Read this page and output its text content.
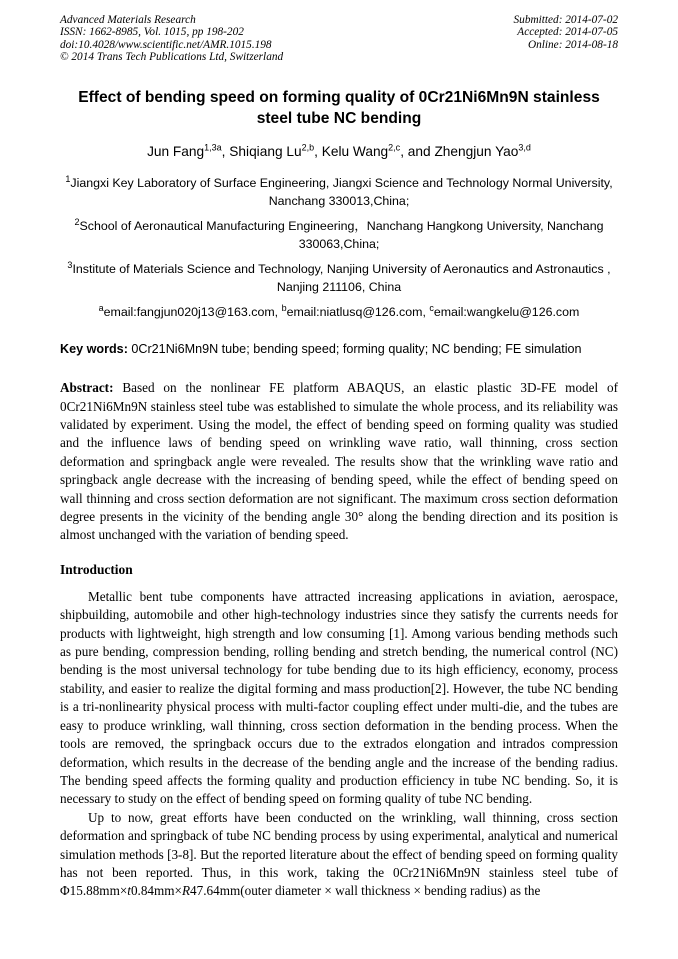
Advanced Materials Research
ISSN: 1662-8985, Vol. 1015, pp 198-202
doi:10.4028/www.scientific.net/AMR.1015.198
© 2014 Trans Tech Publications Ltd, Switzerland
Submitted: 2014-07-02
Accepted: 2014-07-05
Online: 2014-08-18
Effect of bending speed on forming quality of 0Cr21Ni6Mn9N stainless steel tube NC bending
Jun Fang$^{1,3a}$, Shiqiang Lu$^{2,b}$, Kelu Wang$^{2,c}$, and Zhengjun Yao$^{3,d}$
$^1$Jiangxi Key Laboratory of Surface Engineering, Jiangxi Science and Technology Normal University, Nanchang 330013,China;
$^2$School of Aeronautical Manufacturing Engineering，Nanchang Hangkong University, Nanchang 330063,China;
$^3$Institute of Materials Science and Technology, Nanjing University of Aeronautics and Astronautics , Nanjing 211106, China
$^a$email:fangjun020j13@163.com, $^b$email:niatlusq@126.com, $^c$email:wangkelu@126.com

Key words: 0Cr21Ni6Mn9N tube; bending speed; forming quality; NC bending; FE simulation

Abstract: Based on the nonlinear FE platform ABAQUS, an elastic plastic 3D-FE model of 0Cr21Ni6Mn9N stainless steel tube was established to simulate the whole process, and its reliability was validated by experiment. Using the model, the effect of bending speed on forming quality was studied and the influence laws of bending speed on wrinkling wave ratio, wall thinning, cross section deformation and springback angle were revealed. The results show that the wrinkling wave ratio and springback angle decrease with the increasing of bending speed, while the effect of bending speed on wall thinning and cross section deformation are not significant. The maximum cross section deformation degree presents in the vicinity of the bending angle 30° along the bending direction and its position is almost unchanged with the variation of bending speed.

Introduction

Metallic bent tube components have attracted increasing applications in aviation, aerospace, shipbuilding, automobile and other high-technology industries since they satisfy the currents needs for products with lightweight, high strength and low consuming [1]. Among various bending methods such as pure bending, compression bending, rolling bending and stretch bending, the numerical control (NC) bending is the most universal technology for tube bending due to its high efficiency, economy, process stability, and easier to realize the digital forming and mass production[2]. However, the tube NC bending is a tri-nonlinearity physical process with multi-factor coupling effect under multi-die, and the tubes are easy to produce wrinkling, wall thinning, cross section deformation in the bending process. When the tools are removed, the springback occurs due to the extrados elongation and intrados compression deformation, which results in the decrease of the bending angle and the increase of the bending radius. The bending speed affects the forming quality and production efficiency in tube NC bending. So, it is necessary to study on the effect of bending speed on forming quality of tube NC bending.

Up to now, great efforts have been conducted on the wrinkling, wall thinning, cross section deformation and springback of tube NC bending process by using experimental, analytical and numerical simulation methods [3-8]. But the reported literature about the effect of bending speed on forming quality has not been reported. Thus, in this work, taking the 0Cr21Ni6Mn9N stainless steel tube of Φ15.88mm×t0.84mm×R47.64mm(outer diameter × wall thickness × bending radius) as the
